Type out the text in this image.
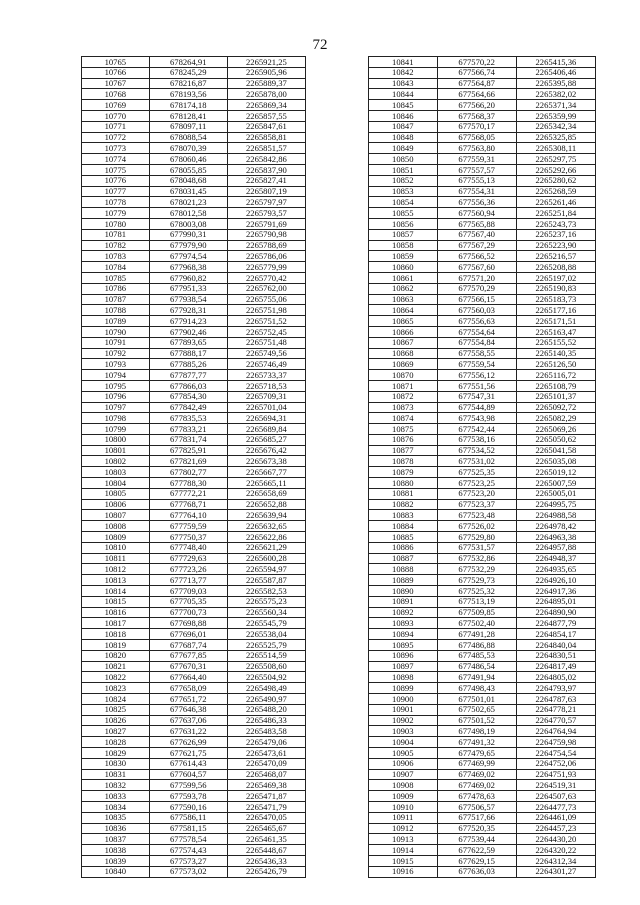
72
10765	678264,91	2265921,25
10766	678245,29	2265905,96
10767	678216,87	2265889,37
10768	678193,56	2265878,00
10769	678174,18	2265869,34
10770	678128,41	2265857,55
10771	678097,11	2265847,61
10772	678088,54	2265858,81
10773	678070,39	2265851,57
10774	678060,46	2265842,86
10775	678055,85	2265837,90
10776	678048,68	2265827,41
10777	678031,45	2265807,19
10778	678021,23	2265797,97
10779	678012,58	2265793,57
10780	678003,08	2265791,69
10781	677990,31	2265790,98
10782	677979,90	2265788,69
10783	677974,54	2265786,06
10784	677968,38	2265779,99
10785	677960,82	2265770,42
10786	677951,33	2265762,00
10787	677938,54	2265755,06
10788	677928,31	2265751,98
10789	677914,23	2265751,52
10790	677902,46	2265752,45
10791	677893,65	2265751,48
10792	677888,17	2265749,56
10793	677885,26	2265746,49
10794	677877,77	2265733,37
10795	677866,03	2265718,53
10796	677854,30	2265709,31
10797	677842,49	2265701,04
10798	677835,53	2265694,31
10799	677833,21	2265689,84
10800	677831,74	2265685,27
10801	677825,91	2265676,42
10802	677821,69	2265673,38
10803	677802,77	2265667,77
10804	677788,30	2265665,11
10805	677772,21	2265658,69
10806	677768,71	2265652,88
10807	677764,10	2265639,94
10808	677759,59	2265632,65
10809	677750,37	2265622,86
10810	677748,40	2265621,29
10811	677729,63	2265600,28
10812	677723,26	2265594,97
10813	677713,77	2265587,87
10814	677709,03	2265582,53
10815	677705,35	2265575,23
10816	677700,73	2265560,34
10817	677698,88	2265545,79
10818	677696,01	2265538,04
10819	677687,74	2265525,79
10820	677677,85	2265514,59
10821	677670,31	2265508,60
10822	677664,40	2265504,92
10823	677658,09	2265498,49
10824	677651,72	2265490,97
10825	677646,38	2265488,20
10826	677637,06	2265486,33
10827	677631,22	2265483,58
10828	677626,99	2265479,06
10829	677621,75	2265473,61
10830	677614,43	2265470,09
10831	677604,57	2265468,07
10832	677599,56	2265469,38
10833	677593,78	2265471,87
10834	677590,16	2265471,79
10835	677586,11	2265470,05
10836	677581,15	2265465,67
10837	677578,54	2265461,35
10838	677574,43	2265448,67
10839	677573,27	2265436,33
10840	677573,02	2265426,79
10841	677570,22	2265415,36
10842	677566,74	2265406,46
10843	677564,87	2265395,88
10844	677564,66	2265382,02
10845	677566,20	2265371,34
10846	677568,37	2265359,99
10847	677570,17	2265342,34
10848	677568,05	2265325,85
10849	677563,80	2265308,11
10850	677559,31	2265297,75
10851	677557,57	2265292,66
10852	677555,13	2265280,62
10853	677554,31	2265268,59
10854	677556,36	2265261,46
10855	677560,94	2265251,84
10856	677565,88	2265243,73
10857	677567,40	2265237,16
10858	677567,29	2265223,90
10859	677566,52	2265216,57
10860	677567,60	2265208,88
10861	677571,20	2265197,02
10862	677570,29	2265190,83
10863	677566,15	2265183,73
10864	677560,03	2265177,16
10865	677556,63	2265171,51
10866	677554,64	2265163,47
10867	677554,84	2265155,52
10868	677558,55	2265140,35
10869	677559,54	2265126,50
10870	677556,12	2265116,72
10871	677551,56	2265108,79
10872	677547,31	2265101,37
10873	677544,89	2265092,72
10874	677543,98	2265082,29
10875	677542,44	2265069,26
10876	677538,16	2265050,62
10877	677534,52	2265041,58
10878	677531,02	2265035,08
10879	677525,35	2265019,12
10880	677523,25	2265007,59
10881	677523,20	2265005,01
10882	677523,37	2264995,75
10883	677523,48	2264988,58
10884	677526,02	2264978,42
10885	677529,80	2264963,38
10886	677531,57	2264957,88
10887	677532,86	2264948,37
10888	677532,29	2264935,65
10889	677529,73	2264926,10
10890	677525,32	2264917,36
10891	677513,19	2264895,01
10892	677509,85	2264890,90
10893	677502,40	2264877,79
10894	677491,28	2264854,17
10895	677486,88	2264840,04
10896	677485,53	2264830,51
10897	677486,54	2264817,49
10898	677491,94	2264805,02
10899	677498,43	2264793,97
10900	677501,01	2264787,63
10901	677502,65	2264778,21
10902	677501,52	2264770,57
10903	677498,19	2264764,94
10904	677491,32	2264759,98
10905	677479,65	2264754,54
10906	677469,99	2264752,06
10907	677469,02	2264751,93
10908	677469,02	2264519,31
10909	677478,63	2264507,63
10910	677506,57	2264477,73
10911	677517,66	2264461,09
10912	677520,35	2264457,23
10913	677539,44	2264430,20
10914	677622,59	2264320,22
10915	677629,15	2264312,34
10916	677636,03	2264301,27
